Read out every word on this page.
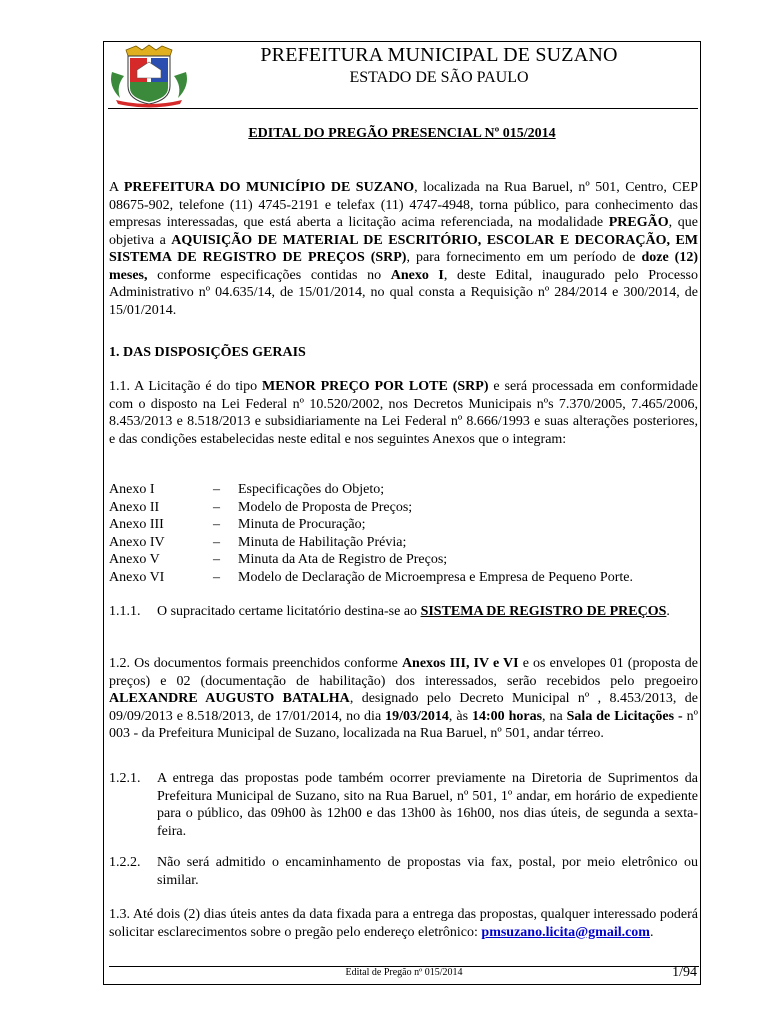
PREFEITURA MUNICIPAL DE SUZANO
ESTADO DE SÃO PAULO
EDITAL DO PREGÃO PRESENCIAL Nº 015/2014
A PREFEITURA DO MUNICÍPIO DE SUZANO, localizada na Rua Baruel, nº 501, Centro, CEP 08675-902, telefone (11) 4745-2191 e telefax (11) 4747-4948, torna público, para conhecimento das empresas interessadas, que está aberta a licitação acima referenciada, na modalidade PREGÃO, que objetiva a AQUISIÇÃO DE MATERIAL DE ESCRITÓRIO, ESCOLAR E DECORAÇÃO, EM SISTEMA DE REGISTRO DE PREÇOS (SRP), para fornecimento em um período de doze (12) meses, conforme especificações contidas no Anexo I, deste Edital, inaugurado pelo Processo Administrativo nº 04.635/14, de 15/01/2014, no qual consta a Requisição nº 284/2014 e 300/2014, de 15/01/2014.
1. DAS DISPOSIÇÕES GERAIS
1.1. A Licitação é do tipo MENOR PREÇO POR LOTE (SRP) e será processada em conformidade com o disposto na Lei Federal nº 10.520/2002, nos Decretos Municipais nºs 7.370/2005, 7.465/2006, 8.453/2013 e 8.518/2013 e subsidiariamente na Lei Federal nº 8.666/1993 e suas alterações posteriores, e das condições estabelecidas neste edital e nos seguintes Anexos que o integram:
Anexo I	–	Especificações do Objeto;
Anexo II	–	Modelo de Proposta de Preços;
Anexo III	–	Minuta de Procuração;
Anexo IV	–	Minuta de Habilitação Prévia;
Anexo V	–	Minuta da Ata de Registro de Preços;
Anexo VI	–	Modelo de Declaração de Microempresa e Empresa de Pequeno Porte.
1.1.1. O supracitado certame licitatório destina-se ao SISTEMA DE REGISTRO DE PREÇOS.
1.2. Os documentos formais preenchidos conforme Anexos III, IV e VI e os envelopes 01 (proposta de preços) e 02 (documentação de habilitação) dos interessados, serão recebidos pelo pregoeiro ALEXANDRE AUGUSTO BATALHA, designado pelo Decreto Municipal nº , 8.453/2013, de 09/09/2013 e 8.518/2013, de 17/01/2014, no dia 19/03/2014, às 14:00 horas, na Sala de Licitações - nº 003 - da Prefeitura Municipal de Suzano, localizada na Rua Baruel, nº 501, andar térreo.
1.2.1. A entrega das propostas pode também ocorrer previamente na Diretoria de Suprimentos da Prefeitura Municipal de Suzano, sito na Rua Baruel, nº 501, 1º andar, em horário de expediente para o público, das 09h00 às 12h00 e das 13h00 às 16h00, nos dias úteis, de segunda a sexta-feira.
1.2.2. Não será admitido o encaminhamento de propostas via fax, postal, por meio eletrônico ou similar.
1.3. Até dois (2) dias úteis antes da data fixada para a entrega das propostas, qualquer interessado poderá solicitar esclarecimentos sobre o pregão pelo endereço eletrônico: pmsuzano.licita@gmail.com.
Edital de Pregão nº 015/2014	1/94
